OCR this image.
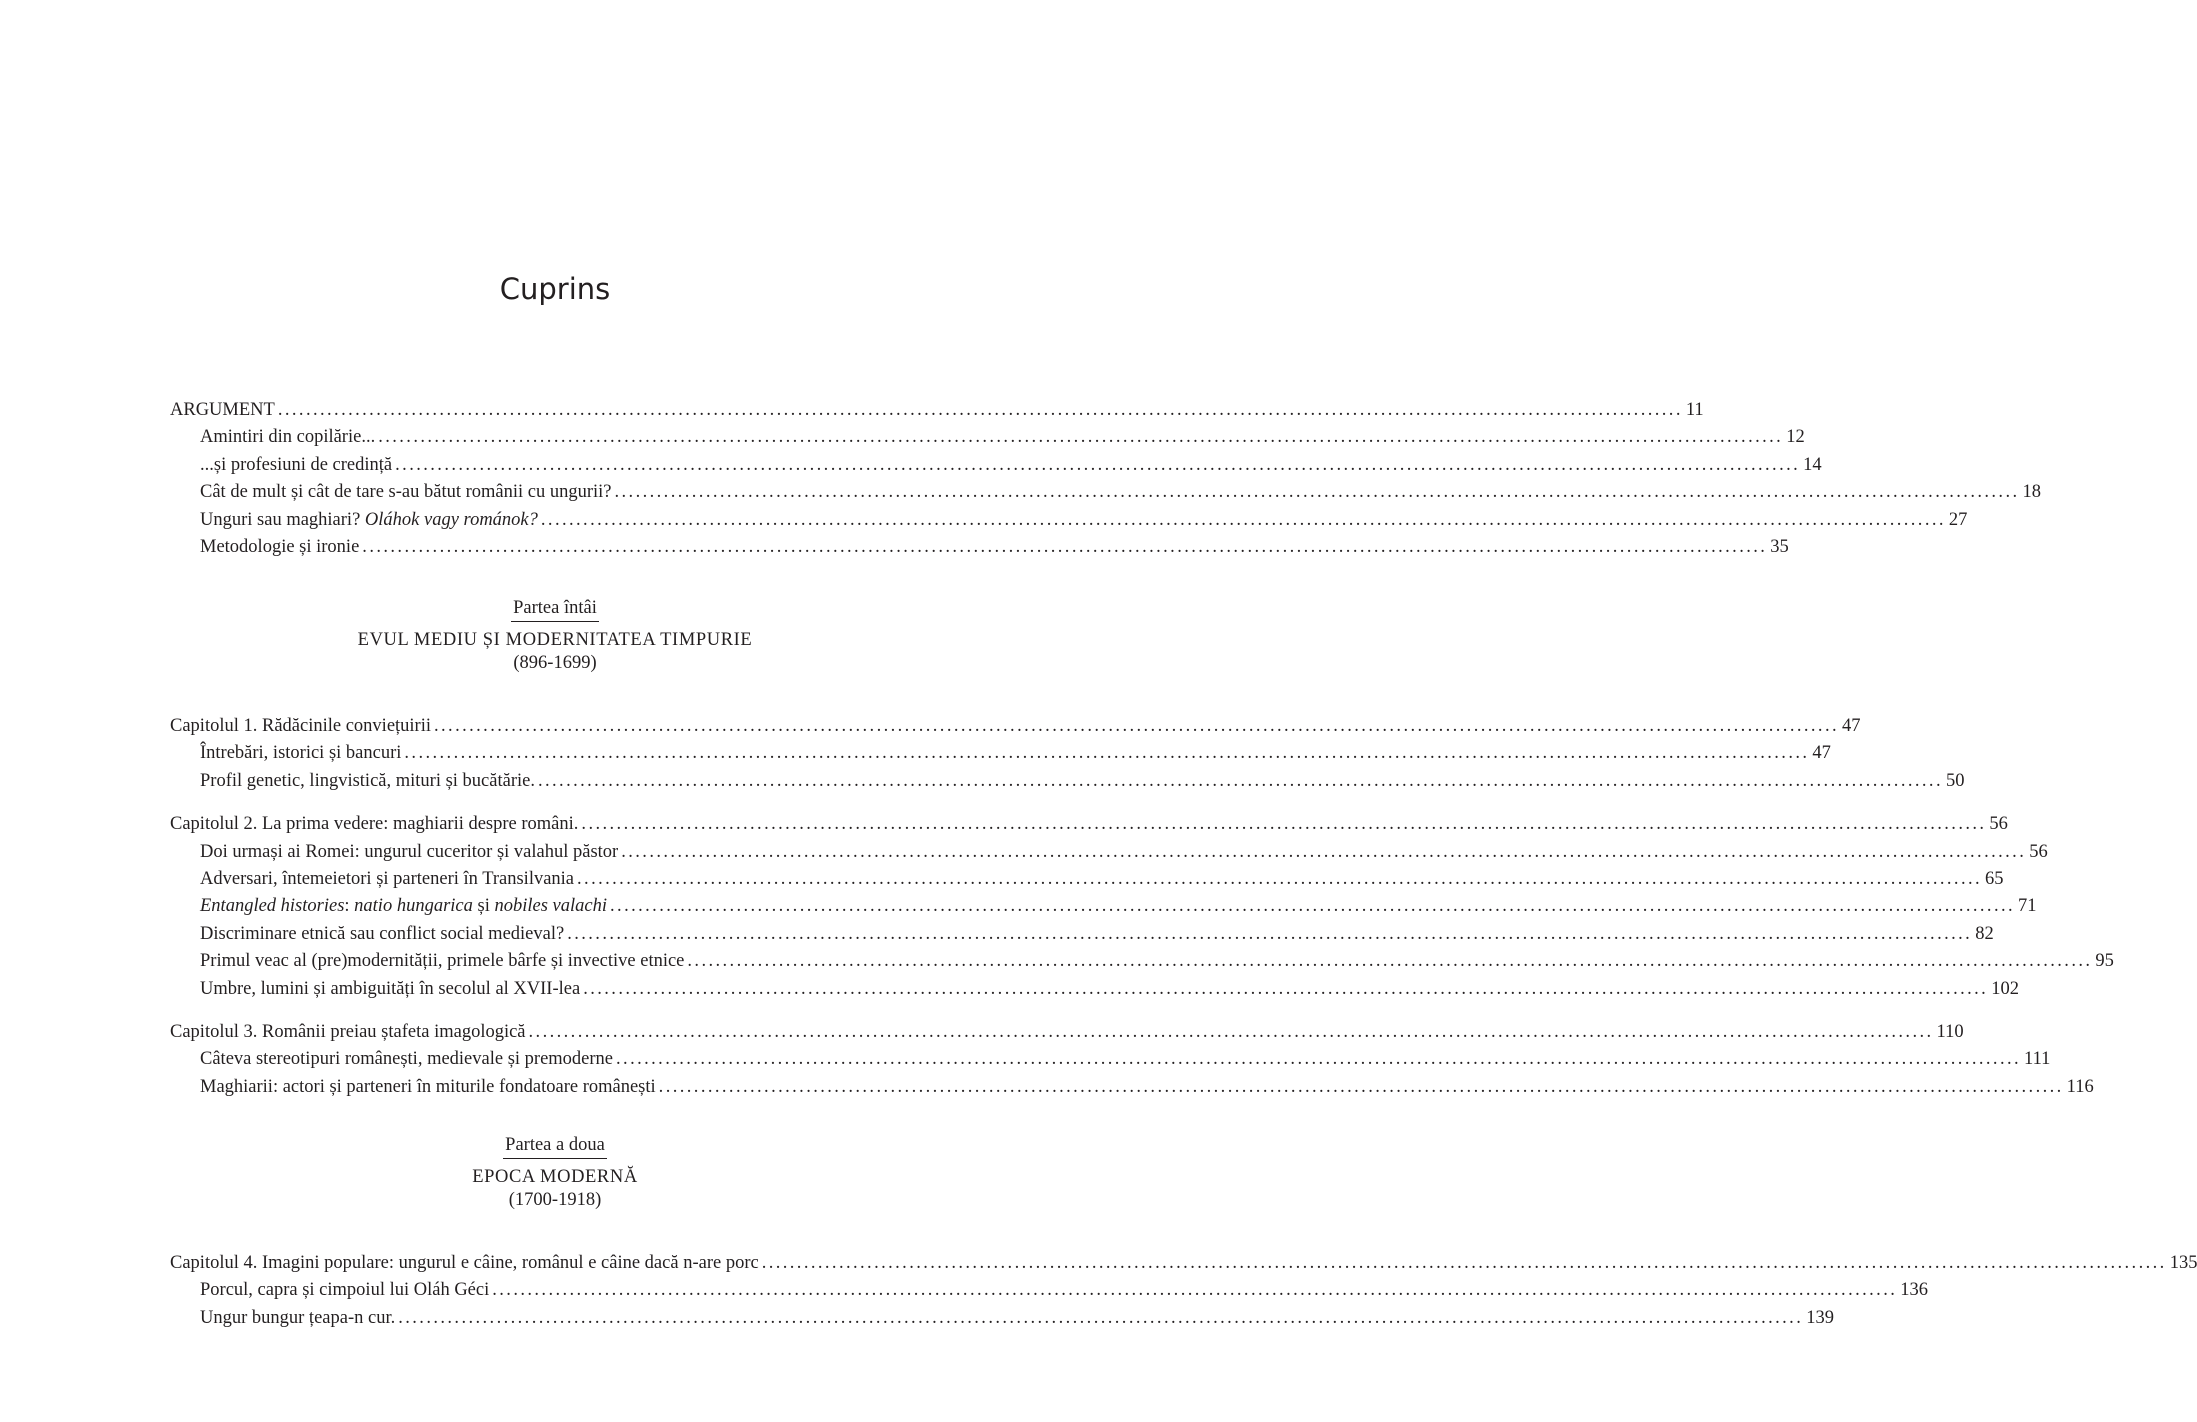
Cuprins
ARGUMENT ........................................................................................................................................................................................................ 11
Amintiri din copilărie... ........................................................................................................................................................................................................ 12
...și profesiuni de credință ........................................................................................................................................................................................................ 14
Cât de mult și cât de tare s-au bătut românii cu ungurii? ........................................................................................................................................................................................................ 18
Unguri sau maghiari? Oláhok vagy románok? ........................................................................................................................................................................................................ 27
Metodologie și ironie ........................................................................................................................................................................................................ 35
Partea întâi
EVUL MEDIU ȘI MODERNITATEA TIMPURIE
(896-1699)
Capitolul 1. Rădăcinile conviețuirii ........................................................................................................................................................................................................ 47
Întrebări, istorici și bancuri ........................................................................................................................................................................................................ 47
Profil genetic, lingvistică, mituri și bucătărie. ........................................................................................................................................................................................................ 50
Capitolul 2. La prima vedere: maghiarii despre români. ........................................................................................................................................................................................................ 56
Doi urmași ai Romei: ungurul cuceritor și valahul păstor ........................................................................................................................................................................................................ 56
Adversari, întemeietori și parteneri în Transilvania ........................................................................................................................................................................................................ 65
Entangled histories: natio hungarica și nobiles valachi ........................................................................................................................................................................................................ 71
Discriminare etnică sau conflict social medieval? ........................................................................................................................................................................................................ 82
Primul veac al (pre)modernității, primele bârfe și invective etnice ........................................................................................................................................................................................................ 95
Umbre, lumini și ambiguități în secolul al XVII-lea ........................................................................................................................................................................................................ 102
Capitolul 3. Românii preiau ștafeta imagologică ........................................................................................................................................................................................................ 110
Câteva stereotipuri românești, medievale și premoderne ........................................................................................................................................................................................................ 111
Maghiarii: actori și parteneri în miturile fondatoare românești ........................................................................................................................................................................................................ 116
Partea a doua
EPOCA MODERNĂ
(1700-1918)
Capitolul 4. Imagini populare: ungurul e câine, românul e câine dacă n-are porc ........................................................................................................................................................................................................ 135
Porcul, capra și cimpoiul lui Oláh Géci ........................................................................................................................................................................................................ 136
Ungur bungur țeapa-n cur. ........................................................................................................................................................................................................ 139
